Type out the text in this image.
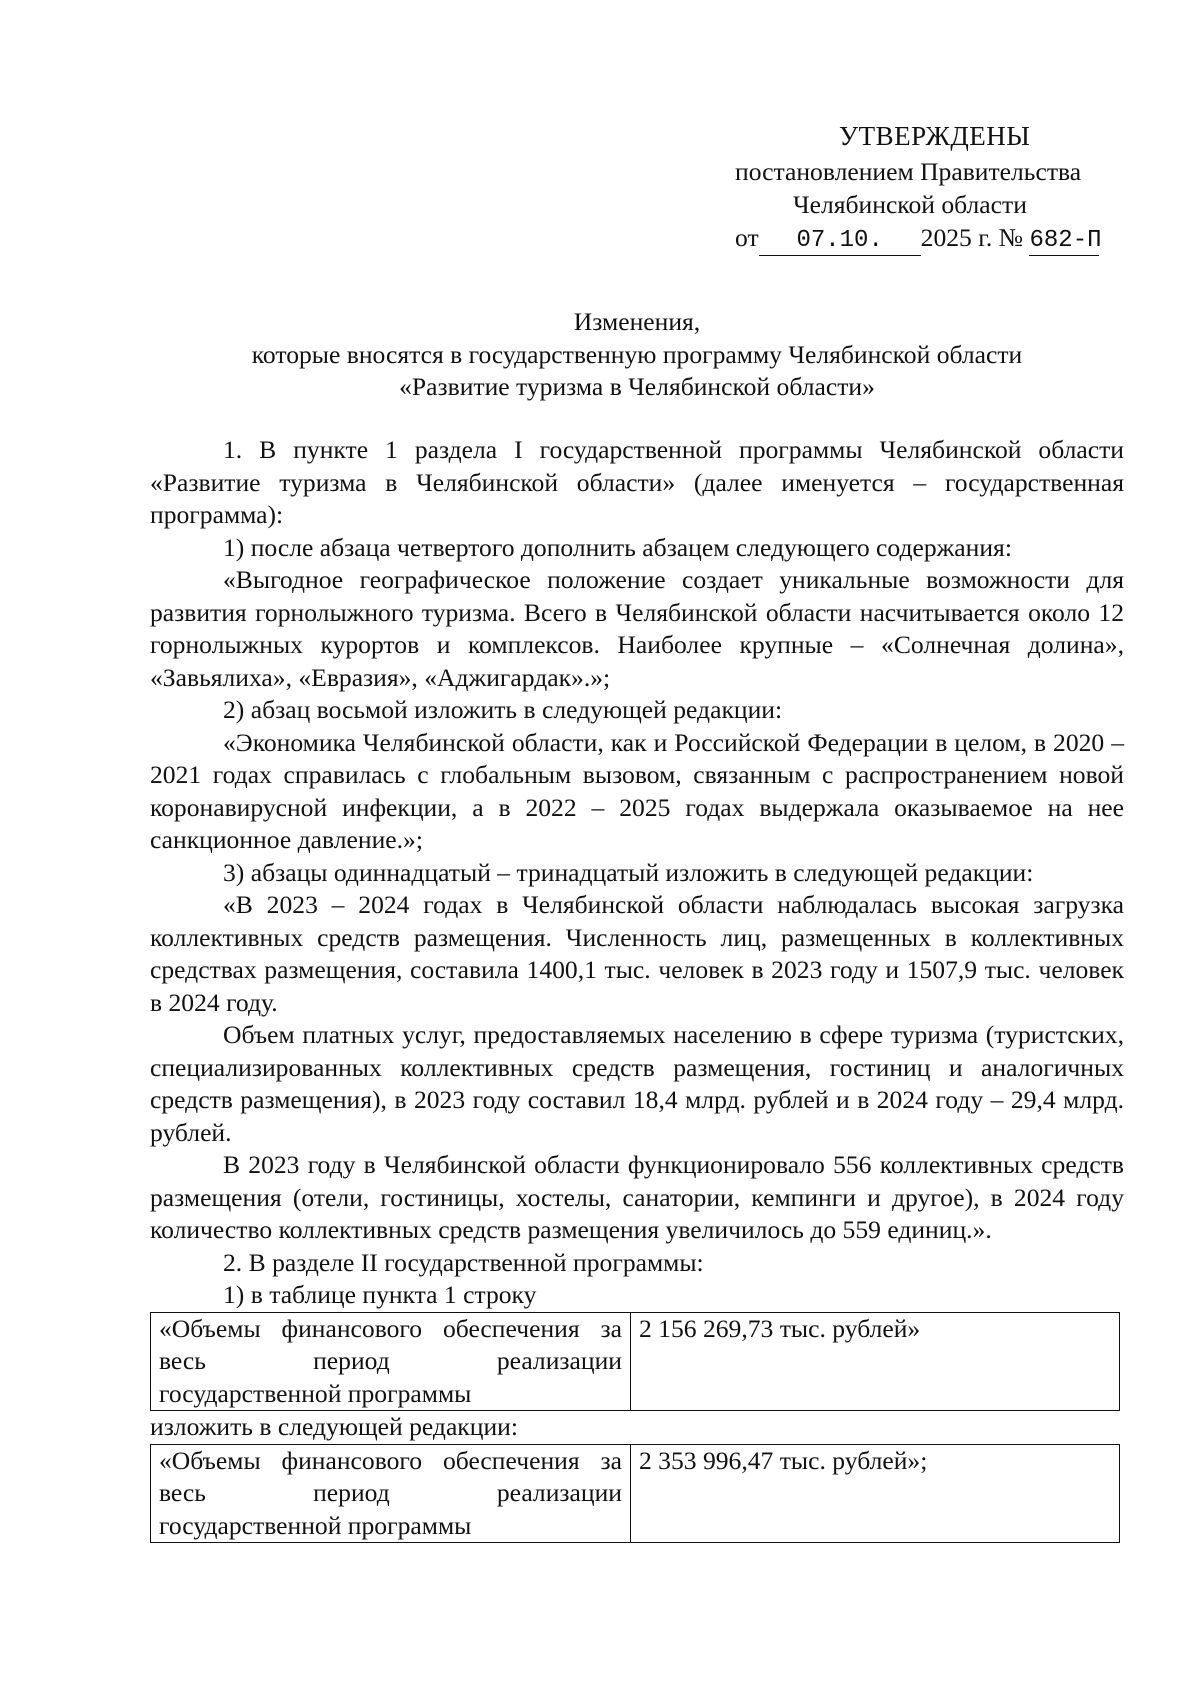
УТВЕРЖДЕНЫ
постановлением Правительства
Челябинской области
от 07.10. 2025 г. № 682-П
Изменения,
которые вносятся в государственную программу Челябинской области
«Развитие туризма в Челябинской области»

1. В пункте 1 раздела I государственной программы Челябинской области «Развитие туризма в Челябинской области» (далее именуется – государственная программа):

1) после абзаца четвертого дополнить абзацем следующего содержания:

«Выгодное географическое положение создает уникальные возможности для развития горнолыжного туризма. Всего в Челябинской области насчитывается около 12 горнолыжных курортов и комплексов. Наиболее крупные – «Солнечная долина», «Завьялиха», «Евразия», «Аджигардак».»;

2) абзац восьмой изложить в следующей редакции:

«Экономика Челябинской области, как и Российской Федерации в целом, в 2020 – 2021 годах справилась с глобальным вызовом, связанным с распространением новой коронавирусной инфекции, а в 2022 – 2025 годах выдержала оказываемое на нее санкционное давление.»;

3) абзацы одиннадцатый – тринадцатый изложить в следующей редакции:

«В 2023 – 2024 годах в Челябинской области наблюдалась высокая загрузка коллективных средств размещения. Численность лиц, размещенных в коллективных средствах размещения, составила 1400,1 тыс. человек в 2023 году и 1507,9 тыс. человек в 2024 году.

Объем платных услуг, предоставляемых населению в сфере туризма (туристских, специализированных коллективных средств размещения, гостиниц и аналогичных средств размещения), в 2023 году составил 18,4 млрд. рублей и в 2024 году – 29,4 млрд. рублей.

В 2023 году в Челябинской области функционировало 556 коллективных средств размещения (отели, гостиницы, хостелы, санатории, кемпинги и другое), в 2024 году количество коллективных средств размещения увеличилось до 559 единиц.».

2. В разделе II государственной программы:

1) в таблице пункта 1 строку

«Объемы финансового обеспечения за весь период реализации
государственной программы
	2 156 269,73 тыс. рублей»

изложить в следующей редакции:

«Объемы финансового обеспечения за весь период реализации
государственной программы
	2 353 996,47 тыс. рублей»;
